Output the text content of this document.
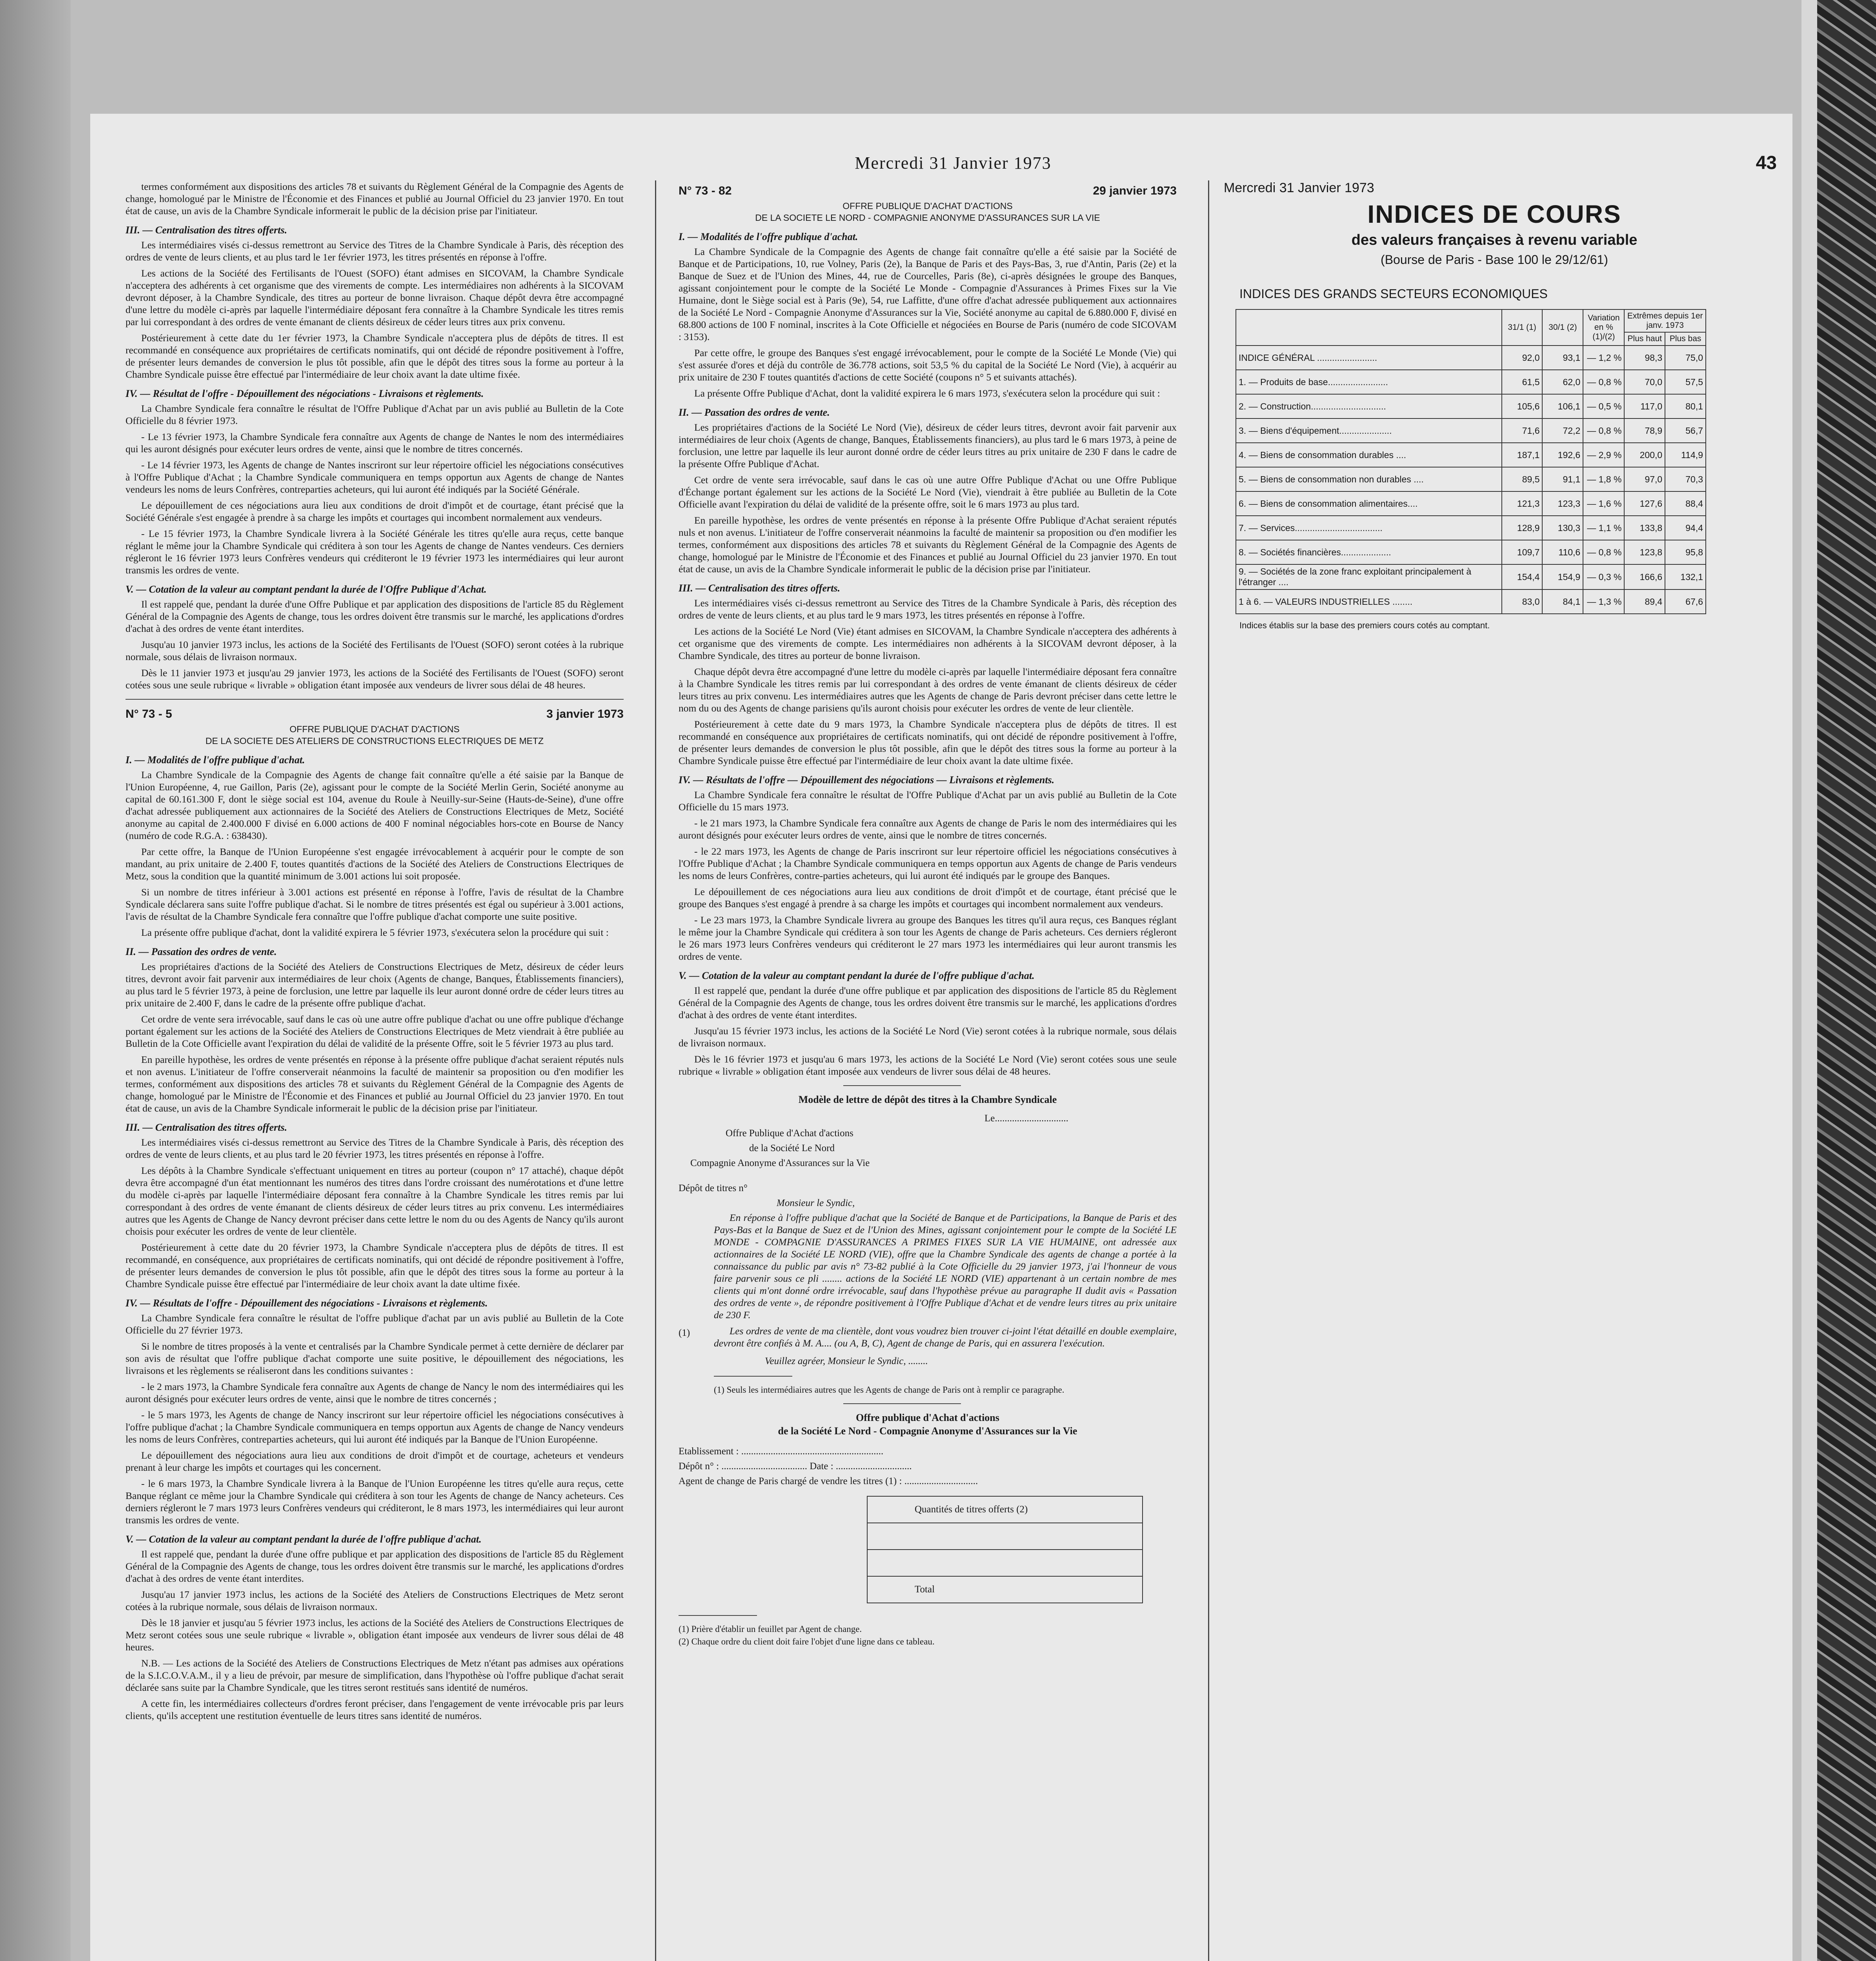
Mercredi 31 Janvier 1973	43

termes conformément aux dispositions des articles 78 et suivants du Règlement Général de la Compagnie des Agents de change, homologué par le Ministre de l'Économie et des Finances et publié au Journal Officiel du 23 janvier 1970. En tout état de cause, un avis de la Chambre Syndicale informerait le public de la décision prise par l'initiateur.

III. — Centralisation des titres offerts.

Les intermédiaires visés ci-dessus remettront au Service des Titres de la Chambre Syndicale à Paris, dès réception des ordres de vente de leurs clients, et au plus tard le 1er février 1973, les titres présentés en réponse à l'offre.

Les actions de la Société des Fertilisants de l'Ouest (SOFO) étant admises en SICOVAM, la Chambre Syndicale n'acceptera des adhérents à cet organisme que des virements de compte. Les intermédiaires non adhérents à la SICOVAM devront déposer, à la Chambre Syndicale, des titres au porteur de bonne livraison. Chaque dépôt devra être accompagné d'une lettre du modèle ci-après par laquelle l'intermédiaire déposant fera connaître à la Chambre Syndicale les titres remis par lui correspondant à des ordres de vente émanant de clients désireux de céder leurs titres aux prix convenu.

Postérieurement à cette date du 1er février 1973, la Chambre Syndicale n'acceptera plus de dépôts de titres. Il est recommandé en conséquence aux propriétaires de certificats nominatifs, qui ont décidé de répondre positivement à l'offre, de présenter leurs demandes de conversion le plus tôt possible, afin que le dépôt des titres sous la forme au porteur à la Chambre Syndicale puisse être effectué par l'intermédiaire de leur choix avant la date ultime fixée.

IV. — Résultat de l'offre - Dépouillement des négociations - Livraisons et règlements.

La Chambre Syndicale fera connaître le résultat de l'Offre Publique d'Achat par un avis publié au Bulletin de la Cote Officielle du 8 février 1973.

- Le 13 février 1973, la Chambre Syndicale fera connaître aux Agents de change de Nantes le nom des intermédiaires qui les auront désignés pour exécuter leurs ordres de vente, ainsi que le nombre de titres concernés.

- Le 14 février 1973, les Agents de change de Nantes inscriront sur leur répertoire officiel les négociations consécutives à l'Offre Publique d'Achat ; la Chambre Syndicale communiquera en temps opportun aux Agents de change de Nantes vendeurs les noms de leurs Confrères, contreparties acheteurs, qui lui auront été indiqués par la Société Générale.

Le dépouillement de ces négociations aura lieu aux conditions de droit d'impôt et de courtage, étant précisé que la Société Générale s'est engagée à prendre à sa charge les impôts et courtages qui incombent normalement aux vendeurs.

- Le 15 février 1973, la Chambre Syndicale livrera à la Société Générale les titres qu'elle aura reçus, cette banque réglant le même jour la Chambre Syndicale qui créditera à son tour les Agents de change de Nantes vendeurs. Ces derniers régleront le 16 février 1973 leurs Confrères vendeurs qui créditeront le 19 février 1973 les intermédiaires qui leur auront transmis les ordres de vente.

V. — Cotation de la valeur au comptant pendant la durée de l'Offre Publique d'Achat.

Il est rappelé que, pendant la durée d'une Offre Publique et par application des dispositions de l'article 85 du Règlement Général de la Compagnie des Agents de change, tous les ordres doivent être transmis sur le marché, les applications d'ordres d'achat à des ordres de vente étant interdites.

Jusqu'au 10 janvier 1973 inclus, les actions de la Société des Fertilisants de l'Ouest (SOFO) seront cotées à la rubrique normale, sous délais de livraison normaux.

Dès le 11 janvier 1973 et jusqu'au 29 janvier 1973, les actions de la Société des Fertilisants de l'Ouest (SOFO) seront cotées sous une seule rubrique « livrable » obligation étant imposée aux vendeurs de livrer sous délai de 48 heures.

N° 73 - 5	3 janvier 1973
OFFRE PUBLIQUE D'ACHAT D'ACTIONS
DE LA SOCIETE DES ATELIERS DE CONSTRUCTIONS ELECTRIQUES DE METZ
I. — Modalités de l'offre publique d'achat.

La Chambre Syndicale de la Compagnie des Agents de change fait connaître qu'elle a été saisie par la Banque de l'Union Européenne, 4, rue Gaillon, Paris (2e), agissant pour le compte de la Société Merlin Gerin, Société anonyme au capital de 60.161.300 F, dont le siège social est 104, avenue du Roule à Neuilly-sur-Seine (Hauts-de-Seine), d'une offre d'achat adressée publiquement aux actionnaires de la Société des Ateliers de Constructions Electriques de Metz, Société anonyme au capital de 2.400.000 F divisé en 6.000 actions de 400 F nominal négociables hors-cote en Bourse de Nancy (numéro de code R.G.A. : 638430).

Par cette offre, la Banque de l'Union Européenne s'est engagée irrévocablement à acquérir pour le compte de son mandant, au prix unitaire de 2.400 F, toutes quantités d'actions de la Société des Ateliers de Constructions Electriques de Metz, sous la condition que la quantité minimum de 3.001 actions lui soit proposée.

Si un nombre de titres inférieur à 3.001 actions est présenté en réponse à l'offre, l'avis de résultat de la Chambre Syndicale déclarera sans suite l'offre publique d'achat. Si le nombre de titres présentés est égal ou supérieur à 3.001 actions, l'avis de résultat de la Chambre Syndicale fera connaître que l'offre publique d'achat comporte une suite positive.

La présente offre publique d'achat, dont la validité expirera le 5 février 1973, s'exécutera selon la procédure qui suit :

II. — Passation des ordres de vente.

Les propriétaires d'actions de la Société des Ateliers de Constructions Electriques de Metz, désireux de céder leurs titres, devront avoir fait parvenir aux intermédiaires de leur choix (Agents de change, Banques, Établissements financiers), au plus tard le 5 février 1973, à peine de forclusion, une lettre par laquelle ils leur auront donné ordre de céder leurs titres au prix unitaire de 2.400 F, dans le cadre de la présente offre publique d'achat.

Cet ordre de vente sera irrévocable, sauf dans le cas où une autre offre publique d'achat ou une offre publique d'échange portant également sur les actions de la Société des Ateliers de Constructions Electriques de Metz viendrait à être publiée au Bulletin de la Cote Officielle avant l'expiration du délai de validité de la présente Offre, soit le 5 février 1973 au plus tard.

En pareille hypothèse, les ordres de vente présentés en réponse à la présente offre publique d'achat seraient réputés nuls et non avenus. L'initiateur de l'offre conserverait néanmoins la faculté de maintenir sa proposition ou d'en modifier les termes, conformément aux dispositions des articles 78 et suivants du Règlement Général de la Compagnie des Agents de change, homologué par le Ministre de l'Économie et des Finances et publié au Journal Officiel du 23 janvier 1970. En tout état de cause, un avis de la Chambre Syndicale informerait le public de la décision prise par l'initiateur.

III. — Centralisation des titres offerts.

Les intermédiaires visés ci-dessus remettront au Service des Titres de la Chambre Syndicale à Paris, dès réception des ordres de vente de leurs clients, et au plus tard le 20 février 1973, les titres présentés en réponse à l'offre.

Les dépôts à la Chambre Syndicale s'effectuant uniquement en titres au porteur (coupon n° 17 attaché), chaque dépôt devra être accompagné d'un état mentionnant les numéros des titres dans l'ordre croissant des numérotations et d'une lettre du modèle ci-après par laquelle l'intermédiaire déposant fera connaître à la Chambre Syndicale les titres remis par lui correspondant à des ordres de vente émanant de clients désireux de céder leurs titres au prix convenu. Les intermédiaires autres que les Agents de Change de Nancy devront préciser dans cette lettre le nom du ou des Agents de Nancy qu'ils auront choisis pour exécuter les ordres de vente de leur clientèle.

Postérieurement à cette date du 20 février 1973, la Chambre Syndicale n'acceptera plus de dépôts de titres. Il est recommandé, en conséquence, aux propriétaires de certificats nominatifs, qui ont décidé de répondre positivement à l'offre, de présenter leurs demandes de conversion le plus tôt possible, afin que le dépôt des titres sous la forme au porteur à la Chambre Syndicale puisse être effectué par l'intermédiaire de leur choix avant la date ultime fixée.

IV. — Résultats de l'offre - Dépouillement des négociations - Livraisons et règlements.

La Chambre Syndicale fera connaître le résultat de l'offre publique d'achat par un avis publié au Bulletin de la Cote Officielle du 27 février 1973.

Si le nombre de titres proposés à la vente et centralisés par la Chambre Syndicale permet à cette dernière de déclarer par son avis de résultat que l'offre publique d'achat comporte une suite positive, le dépouillement des négociations, les livraisons et les règlements se réaliseront dans les conditions suivantes :

- le 2 mars 1973, la Chambre Syndicale fera connaître aux Agents de change de Nancy le nom des intermédiaires qui les auront désignés pour exécuter leurs ordres de vente, ainsi que le nombre de titres concernés ;

- le 5 mars 1973, les Agents de change de Nancy inscriront sur leur répertoire officiel les négociations consécutives à l'offre publique d'achat ; la Chambre Syndicale communiquera en temps opportun aux Agents de change de Nancy vendeurs les noms de leurs Confrères, contreparties acheteurs, qui lui auront été indiqués par la Banque de l'Union Européenne.

Le dépouillement des négociations aura lieu aux conditions de droit d'impôt et de courtage, acheteurs et vendeurs prenant à leur charge les impôts et courtages qui les concernent.

- le 6 mars 1973, la Chambre Syndicale livrera à la Banque de l'Union Européenne les titres qu'elle aura reçus, cette Banque réglant ce même jour la Chambre Syndicale qui créditera à son tour les Agents de change de Nancy acheteurs. Ces derniers régleront le 7 mars 1973 leurs Confrères vendeurs qui créditeront, le 8 mars 1973, les intermédiaires qui leur auront transmis les ordres de vente.

V. — Cotation de la valeur au comptant pendant la durée de l'offre publique d'achat.

Il est rappelé que, pendant la durée d'une offre publique et par application des dispositions de l'article 85 du Règlement Général de la Compagnie des Agents de change, tous les ordres doivent être transmis sur le marché, les applications d'ordres d'achat à des ordres de vente étant interdites.

Jusqu'au 17 janvier 1973 inclus, les actions de la Société des Ateliers de Constructions Electriques de Metz seront cotées à la rubrique normale, sous délais de livraison normaux.

Dès le 18 janvier et jusqu'au 5 février 1973 inclus, les actions de la Société des Ateliers de Constructions Electriques de Metz seront cotées sous une seule rubrique « livrable », obligation étant imposée aux vendeurs de livrer sous délai de 48 heures.

N.B. — Les actions de la Société des Ateliers de Constructions Electriques de Metz n'étant pas admises aux opérations de la S.I.C.O.V.A.M., il y a lieu de prévoir, par mesure de simplification, dans l'hypothèse où l'offre publique d'achat serait déclarée sans suite par la Chambre Syndicale, que les titres seront restitués sans identité de numéros.

A cette fin, les intermédiaires collecteurs d'ordres feront préciser, dans l'engagement de vente irrévocable pris par leurs clients, qu'ils acceptent une restitution éventuelle de leurs titres sans identité de numéros.

N° 73 - 82	29 janvier 1973
OFFRE PUBLIQUE D'ACHAT D'ACTIONS
DE LA SOCIETE LE NORD - COMPAGNIE ANONYME D'ASSURANCES SUR LA VIE
I. — Modalités de l'offre publique d'achat.

La Chambre Syndicale de la Compagnie des Agents de change fait connaître qu'elle a été saisie par la Société de Banque et de Participations, 10, rue Volney, Paris (2e), la Banque de Paris et des Pays-Bas, 3, rue d'Antin, Paris (2e) et la Banque de Suez et de l'Union des Mines, 44, rue de Courcelles, Paris (8e), ci-après désignées le groupe des Banques, agissant conjointement pour le compte de la Société Le Monde - Compagnie d'Assurances à Primes Fixes sur la Vie Humaine, dont le Siège social est à Paris (9e), 54, rue Laffitte, d'une offre d'achat adressée publiquement aux actionnaires de la Société Le Nord - Compagnie Anonyme d'Assurances sur la Vie, Société anonyme au capital de 6.880.000 F, divisé en 68.800 actions de 100 F nominal, inscrites à la Cote Officielle et négociées en Bourse de Paris (numéro de code SICOVAM : 3153).

Par cette offre, le groupe des Banques s'est engagé irrévocablement, pour le compte de la Société Le Monde (Vie) qui s'est assurée d'ores et déjà du contrôle de 36.778 actions, soit 53,5 % du capital de la Société Le Nord (Vie), à acquérir au prix unitaire de 230 F toutes quantités d'actions de cette Société (coupons n° 5 et suivants attachés).

La présente Offre Publique d'Achat, dont la validité expirera le 6 mars 1973, s'exécutera selon la procédure qui suit :

II. — Passation des ordres de vente.

Les propriétaires d'actions de la Société Le Nord (Vie), désireux de céder leurs titres, devront avoir fait parvenir aux intermédiaires de leur choix (Agents de change, Banques, Établissements financiers), au plus tard le 6 mars 1973, à peine de forclusion, une lettre par laquelle ils leur auront donné ordre de céder leurs titres au prix unitaire de 230 F dans le cadre de la présente Offre Publique d'Achat.

Cet ordre de vente sera irrévocable, sauf dans le cas où une autre Offre Publique d'Achat ou une Offre Publique d'Échange portant également sur les actions de la Société Le Nord (Vie), viendrait à être publiée au Bulletin de la Cote Officielle avant l'expiration du délai de validité de la présente offre, soit le 6 mars 1973 au plus tard.

En pareille hypothèse, les ordres de vente présentés en réponse à la présente Offre Publique d'Achat seraient réputés nuls et non avenus. L'initiateur de l'offre conserverait néanmoins la faculté de maintenir sa proposition ou d'en modifier les termes, conformément aux dispositions des articles 78 et suivants du Règlement Général de la Compagnie des Agents de change, homologué par le Ministre de l'Économie et des Finances et publié au Journal Officiel du 23 janvier 1970. En tout état de cause, un avis de la Chambre Syndicale informerait le public de la décision prise par l'initiateur.

III. — Centralisation des titres offerts.

Les intermédiaires visés ci-dessus remettront au Service des Titres de la Chambre Syndicale à Paris, dès réception des ordres de vente de leurs clients, et au plus tard le 9 mars 1973, les titres présentés en réponse à l'offre.

Les actions de la Société Le Nord (Vie) étant admises en SICOVAM, la Chambre Syndicale n'acceptera des adhérents à cet organisme que des virements de compte. Les intermédiaires non adhérents à la SICOVAM devront déposer, à la Chambre Syndicale, des titres au porteur de bonne livraison.

Chaque dépôt devra être accompagné d'une lettre du modèle ci-après par laquelle l'intermédiaire déposant fera connaître à la Chambre Syndicale les titres remis par lui correspondant à des ordres de vente émanant de clients désireux de céder leurs titres au prix convenu. Les intermédiaires autres que les Agents de change de Paris devront préciser dans cette lettre le nom du ou des Agents de change parisiens qu'ils auront choisis pour exécuter les ordres de vente de leur clientèle.

Postérieurement à cette date du 9 mars 1973, la Chambre Syndicale n'acceptera plus de dépôts de titres. Il est recommandé en conséquence aux propriétaires de certificats nominatifs, qui ont décidé de répondre positivement à l'offre, de présenter leurs demandes de conversion le plus tôt possible, afin que le dépôt des titres sous la forme au porteur à la Chambre Syndicale puisse être effectué par l'intermédiaire de leur choix avant la date ultime fixée.

IV. — Résultats de l'offre — Dépouillement des négociations — Livraisons et règlements.

La Chambre Syndicale fera connaître le résultat de l'Offre Publique d'Achat par un avis publié au Bulletin de la Cote Officielle du 15 mars 1973.

- le 21 mars 1973, la Chambre Syndicale fera connaître aux Agents de change de Paris le nom des intermédiaires qui les auront désignés pour exécuter leurs ordres de vente, ainsi que le nombre de titres concernés.

- le 22 mars 1973, les Agents de change de Paris inscriront sur leur répertoire officiel les négociations consécutives à l'Offre Publique d'Achat ; la Chambre Syndicale communiquera en temps opportun aux Agents de change de Paris vendeurs les noms de leurs Confrères, contre-parties acheteurs, qui lui auront été indiqués par le groupe des Banques.

Le dépouillement de ces négociations aura lieu aux conditions de droit d'impôt et de courtage, étant précisé que le groupe des Banques s'est engagé à prendre à sa charge les impôts et courtages qui incombent normalement aux vendeurs.

- Le 23 mars 1973, la Chambre Syndicale livrera au groupe des Banques les titres qu'il aura reçus, ces Banques réglant le même jour la Chambre Syndicale qui créditera à son tour les Agents de change de Paris acheteurs. Ces derniers régleront le 26 mars 1973 leurs Confrères vendeurs qui créditeront le 27 mars 1973 les intermédiaires qui leur auront transmis les ordres de vente.

V. — Cotation de la valeur au comptant pendant la durée de l'offre publique d'achat.

Il est rappelé que, pendant la durée d'une offre publique et par application des dispositions de l'article 85 du Règlement Général de la Compagnie des Agents de change, tous les ordres doivent être transmis sur le marché, les applications d'ordres d'achat à des ordres de vente étant interdites.

Jusqu'au 15 février 1973 inclus, les actions de la Société Le Nord (Vie) seront cotées à la rubrique normale, sous délais de livraison normaux.

Dès le 16 février 1973 et jusqu'au 6 mars 1973, les actions de la Société Le Nord (Vie) seront cotées sous une seule rubrique « livrable » obligation étant imposée aux vendeurs de livrer sous délai de 48 heures.

Modèle de lettre de dépôt des titres à la Chambre Syndicale
Le..............................
Offre Publique d'Achat d'actions
de la Société Le Nord
Compagnie Anonyme d'Assurances sur la Vie
Dépôt de titres n°
Monsieur le Syndic,

En réponse à l'offre publique d'achat que la Société de Banque et de Participations, la Banque de Paris et des Pays-Bas et la Banque de Suez et de l'Union des Mines, agissant conjointement pour le compte de la Société LE MONDE - COMPAGNIE D'ASSURANCES A PRIMES FIXES SUR LA VIE HUMAINE, ont adressée aux actionnaires de la Société LE NORD (VIE), offre que la Chambre Syndicale des agents de change a portée à la connaissance du public par avis n° 73-82 publié à la Cote Officielle du 29 janvier 1973, j'ai l'honneur de vous faire parvenir sous ce pli ........ actions de la Société LE NORD (VIE) appartenant à un certain nombre de mes clients qui m'ont donné ordre irrévocable, sauf dans l'hypothèse prévue au paragraphe II dudit avis « Passation des ordres de vente », de répondre positivement à l'Offre Publique d'Achat et de vendre leurs titres au prix unitaire de 230 F.

(1)	Les ordres de vente de ma clientèle, dont vous voudrez bien trouver ci-joint l'état détaillé en double exemplaire, devront être confiés à M. A.... (ou A, B, C), Agent de change de Paris, qui en assurera l'exécution.

Veuillez agréer, Monsieur le Syndic, ........
(1) Seuls les intermédiaires autres que les Agents de change de Paris ont à remplir ce paragraphe.
Offre publique d'Achat d'actions
de la Société Le Nord - Compagnie Anonyme d'Assurances sur la Vie
Etablissement : ..........................................................
Dépôt n° : ................................... Date : ...............................
Agent de change de Paris chargé de vendre les titres (1) : ..............................
Quantités de titres offerts (2)
Total
(1) Prière d'établir un feuillet par Agent de change.
(2) Chaque ordre du client doit faire l'objet d'une ligne dans ce tableau.
Mercredi 31 Janvier 1973
INDICES DE COURS
des valeurs françaises à revenu variable
(Bourse de Paris - Base 100 le 29/12/61)
INDICES DES GRANDS SECTEURS ECONOMIQUES
	31/1 (1)	30/1 (2)	Variation en % (1)/(2)	Extrêmes depuis 1er janv. 1973	
				Plus haut	Plus bas
INDICE GÉNÉRAL ........................	92,0	93,1	— 1,2 %	98,3	75,0
1. — Produits de base........................	61,5	62,0	— 0,8 %	70,0	57,5
2. — Construction..............................	105,6	106,1	— 0,5 %	117,0	80,1
3. — Biens d'équipement.....................	71,6	72,2	— 0,8 %	78,9	56,7
4. — Biens de consommation durables ....	187,1	192,6	— 2,9 %	200,0	114,9
5. — Biens de consommation non durables ....	89,5	91,1	— 1,8 %	97,0	70,3
6. — Biens de consommation alimentaires....	121,3	123,3	— 1,6 %	127,6	88,4
7. — Services...................................	128,9	130,3	— 1,1 %	133,8	94,4
8. — Sociétés financières....................	109,7	110,6	— 0,8 %	123,8	95,8
9. — Sociétés de la zone franc exploitant principalement à l'étranger ....	154,4	154,9	— 0,3 %	166,6	132,1
1 à 6. — VALEURS INDUSTRIELLES ........	83,0	84,1	— 1,3 %	89,4	67,6
Indices établis sur la base des premiers cours cotés au comptant.
